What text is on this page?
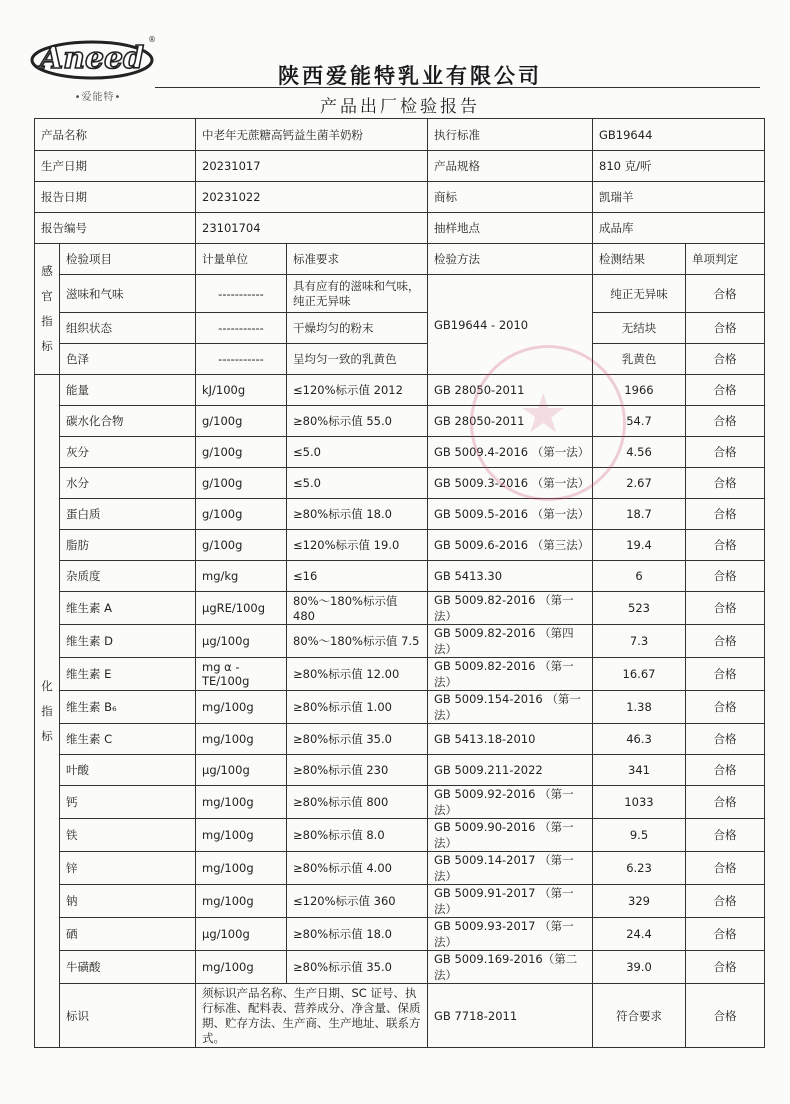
Aneed
®
•爱能特•
陕西爱能特乳业有限公司
产品出厂检验报告
产品名称		中老年无蔗糖高钙益生菌羊奶粉		执行标准	GB19644	
生产日期		20231017		产品规格	810 克/听	
报告日期		20231022		商标	凯瑞羊	
报告编号		23101704		抽样地点	成品库	

感
官
指
标	检验项目	计量单位	标准要求	检验方法	检测结果	单项判定
	滋味和气味	-----------	具有应有的滋味和气味，纯正无异味	GB19644 - 2010	纯正无异味	合格
	组织状态	-----------	干燥均匀的粉末		无结块	合格
	色泽	-----------	呈均匀一致的乳黄色		乳黄色	合格

化
指
标	能量	kJ/100g	≤120%标示值 2012	GB 28050-2011	1966	合格
	碳水化合物	g/100g	≥80%标示值 55.0	GB 28050-2011	54.7	合格
	灰分	g/100g	≤5.0	GB 5009.4-2016 （第一法）	4.56	合格
	水分	g/100g	≤5.0	GB 5009.3-2016 （第一法）	2.67	合格
	蛋白质	g/100g	≥80%标示值 18.0	GB 5009.5-2016 （第一法）	18.7	合格
	脂肪	g/100g	≤120%标示值 19.0	GB 5009.6-2016 （第三法）	19.4	合格
	杂质度	mg/kg	≤16	GB 5413.30	6	合格
	维生素 A	μgRE/100g	80%～180%标示值 480	GB 5009.82-2016 （第一法）	523	合格
	维生素 D	μg/100g	80%～180%标示值 7.5	GB 5009.82-2016 （第四法）	7.3	合格
	维生素 E	mg α -TE/100g	≥80%标示值 12.00	GB 5009.82-2016 （第一法）	16.67	合格
	维生素 B₆	mg/100g	≥80%标示值 1.00	GB 5009.154-2016 （第一法）	1.38	合格
	维生素 C	mg/100g	≥80%标示值 35.0	GB 5413.18-2010	46.3	合格
	叶酸	μg/100g	≥80%标示值 230	GB 5009.211-2022	341	合格
	钙	mg/100g	≥80%标示值 800	GB 5009.92-2016 （第一法）	1033	合格
	铁	mg/100g	≥80%标示值 8.0	GB 5009.90-2016 （第一法）	9.5	合格
	锌	mg/100g	≥80%标示值 4.00	GB 5009.14-2017 （第一法）	6.23	合格
	钠	mg/100g	≤120%标示值 360	GB 5009.91-2017 （第一法）	329	合格
	硒	μg/100g	≥80%标示值 18.0	GB 5009.93-2017 （第一法）	24.4	合格
	牛磺酸	mg/100g	≥80%标示值 35.0	GB 5009.169-2016（第二法）	39.0	合格
	标识	须标识产品名称、生产日期、SC 证号、执行标准、配料表、营养成分、净含量、保质期、贮存方法、生产商、生产地址、联系方式。		GB 7718-2011	符合要求	合格
★
